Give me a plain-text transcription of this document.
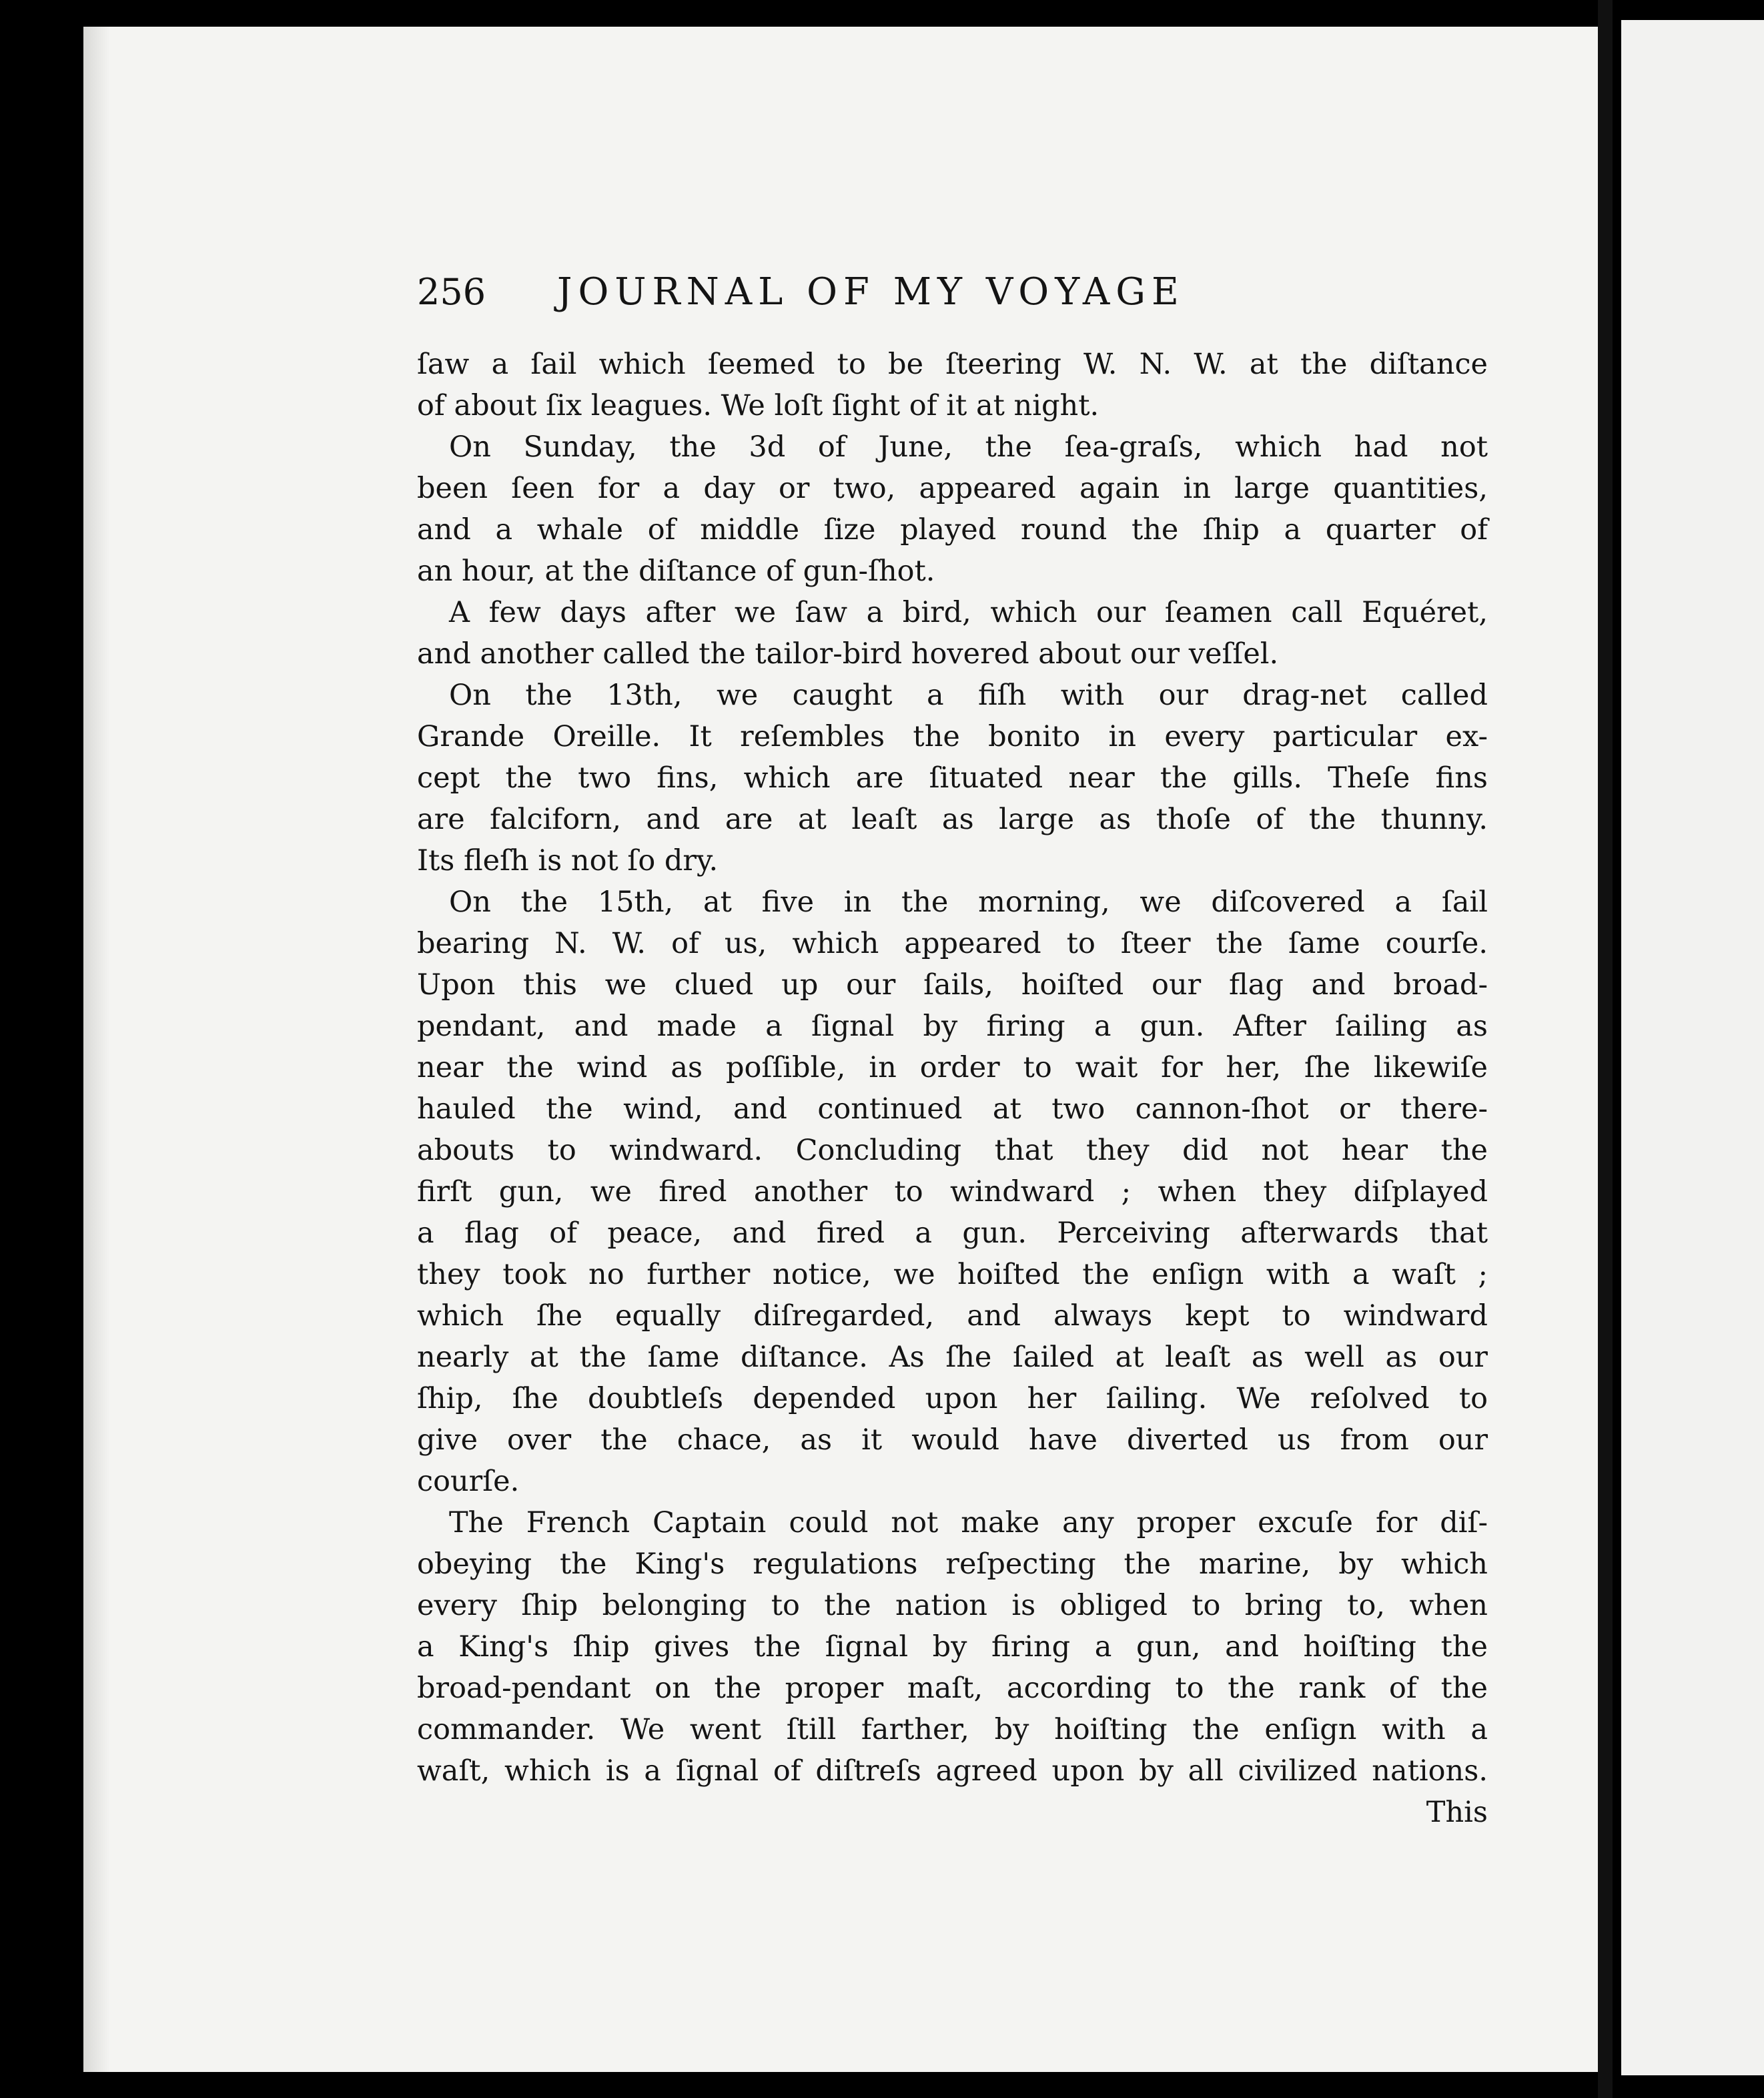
256	JOURNAL OF MY VOYAGE
ſaw a ſail which ſeemed to be ſteering W. N. W. at the diſtance
of about ſix leagues. We loſt ſight of it at night.
On Sunday, the 3d of June, the ſea-graſs, which had not
been ſeen for a day or two, appeared again in large quantities,
and a whale of middle ſize played round the ſhip a quarter of
an hour, at the diſtance of gun-ſhot.
A few days after we ſaw a bird, which our ſeamen call Equéret,
and another called the tailor-bird hovered about our veſſel.
On the 13th, we caught a fiſh with our drag-net called
Grande Oreille. It reſembles the bonito in every particular ex-
cept the two fins, which are ſituated near the gills. Theſe fins
are falciforn, and are at leaſt as large as thoſe of the thunny.
Its fleſh is not ſo dry.
On the 15th, at five in the morning, we diſcovered a ſail
bearing N. W. of us, which appeared to ſteer the ſame courſe.
Upon this we clued up our ſails, hoiſted our flag and broad-
pendant, and made a ſignal by firing a gun. After ſailing as
near the wind as poſſible, in order to wait for her, ſhe likewiſe
hauled the wind, and continued at two cannon-ſhot or there-
abouts to windward. Concluding that they did not hear the
firſt gun, we fired another to windward ; when they diſplayed
a flag of peace, and fired a gun. Perceiving afterwards that
they took no further notice, we hoiſted the enſign with a waſt ;
which ſhe equally diſregarded, and always kept to windward
nearly at the ſame diſtance. As ſhe ſailed at leaſt as well as our
ſhip, ſhe doubtleſs depended upon her ſailing. We reſolved to
give over the chace, as it would have diverted us from our
courſe.
The French Captain could not make any proper excuſe for diſ-
obeying the King's regulations reſpecting the marine, by which
every ſhip belonging to the nation is obliged to bring to, when
a King's ſhip gives the ſignal by firing a gun, and hoiſting the
broad-pendant on the proper maſt, according to the rank of the
commander. We went ſtill farther, by hoiſting the enſign with a
waſt, which is a ſignal of diſtreſs agreed upon by all civilized nations.
This
